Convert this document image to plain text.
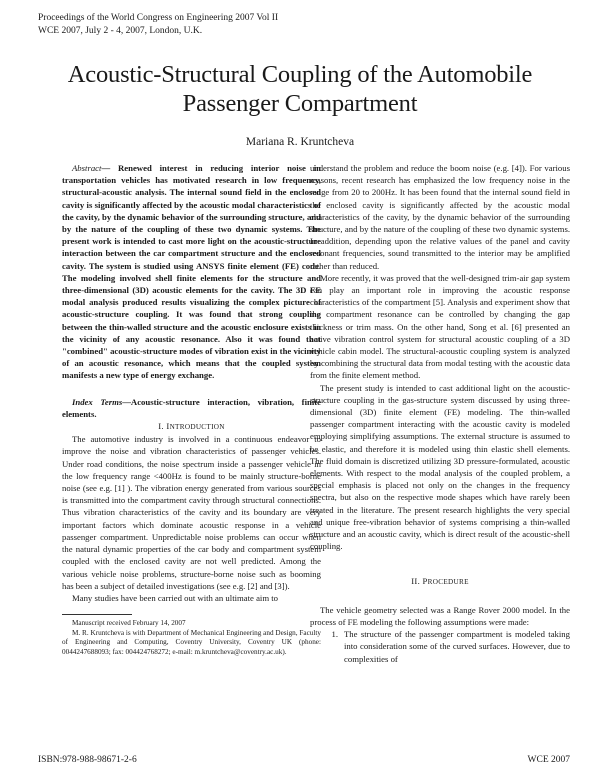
Proceedings of the World Congress on Engineering 2007 Vol II
WCE 2007, July 2 - 4, 2007, London, U.K.
Acoustic-Structural Coupling of the Automobile Passenger Compartment
Mariana R. Kruntcheva

Abstract— Renewed interest in reducing interior noise in transportation vehicles has motivated research in low frequency, structural-acoustic analysis. The internal sound field in the enclosed cavity is significantly affected by the acoustic modal characteristics of the cavity, by the dynamic behavior of the surrounding structure, and by the nature of the coupling of these two dynamic systems. The present work is intended to cast more light on the acoustic-structure interaction between the car compartment structure and the enclosed cavity. The system is studied using ANSYS finite element (FE) code. The modeling involved shell finite elements for the structure and three-dimensional (3D) acoustic elements for the cavity. The 3D FE modal analysis produced results visualizing the complex picture of acoustic-structure coupling. It was found that strong coupling between the thin-walled structure and the acoustic enclosure exists in the vicinity of any acoustic resonance. Also it was found that "combined" acoustic-structure modes of vibration exist in the vicinity of an acoustic resonance, which means that the coupled system manifests a new type of energy exchange.

Index Terms—Acoustic-structure interaction, vibration, finite elements.

I. INTRODUCTION

The automotive industry is involved in a continuous endeavor to improve the noise and vibration characteristics of passenger vehicles. Under road conditions, the noise spectrum inside a passenger vehicle in the low frequency range <400Hz is found to be mainly structure-borne noise (see e.g. [1] ). The vibration energy generated from various sources is transmitted into the compartment cavity through structural connections. Thus vibration characteristics of the cavity and its boundary are very important factors which dominate acoustic response in a vehicle passenger compartment. Unpredictable noise problems can occur when the natural dynamic properties of the car body and compartment system coupled with the enclosed cavity are not well predicted. Among the various vehicle noise problems, structure-borne noise such as booming has been a subject of detailed investigations (see e.g. [2] and [3]).

Many studies have been carried out with an ultimate aim to

Manuscript received February 14, 2007

M. R. Kruntcheva is with Department of Mechanical Engineering and Design, Faculty of Engineering and Computing, Coventry University, Coventry UK (phone: 0044247688093; fax: 004424768272; e-mail: m.kruntcheva@coventry.ac.uk).

understand the problem and reduce the boom noise (e.g. [4]). For various reasons, recent research has emphasized the low frequency noise in the range from 20 to 200Hz. It has been found that the internal sound field in the enclosed cavity is significantly affected by the acoustic modal characteristics of the cavity, by the dynamic behavior of the surrounding structure, and by the nature of the coupling of these two dynamic systems. In addition, depending upon the relative values of the panel and cavity resonant frequencies, sound transmitted to the interior may be amplified rather than reduced.

More recently, it was proved that the well-designed trim-air gap system can play an important role in improving the acoustic response characteristics of the compartment [5]. Analysis and experiment show that the compartment resonance can be controlled by changing the gap thickness or trim mass. On the other hand, Song et al. [6] presented an active vibration control system for structural acoustic coupling of a 3D vehicle cabin model. The structural-acoustic coupling system is analyzed by combining the structural data from modal testing with the acoustic data from the finite element method.

The present study is intended to cast additional light on the acoustic-structure coupling in the gas-structure system discussed by using three-dimensional (3D) finite element (FE) modeling. The thin-walled passenger compartment interacting with the acoustic cavity is modeled employing simplifying assumptions. The external structure is assumed to be elastic, and therefore it is modeled using thin elastic shell elements. The fluid domain is discretized utilizing 3D pressure-formulated, acoustic elements. With respect to the modal analysis of the coupled problem, a special emphasis is placed not only on the changes in the frequency spectra, but also on the respective mode shapes which have rarely been treated in the literature. The present research highlights the very special and unique free-vibration behavior of systems comprising a thin-walled structure and an acoustic cavity, which is direct result of the acoustic-shell coupling.

II. PROCEDURE

The vehicle geometry selected was a Range Rover 2000 model. In the process of FE modeling the following assumptions were made:

1. The structure of the passenger compartment is modeled taking into consideration some of the curved surfaces. However, due to complexities of
ISBN:978-988-98671-2-6	WCE 2007
